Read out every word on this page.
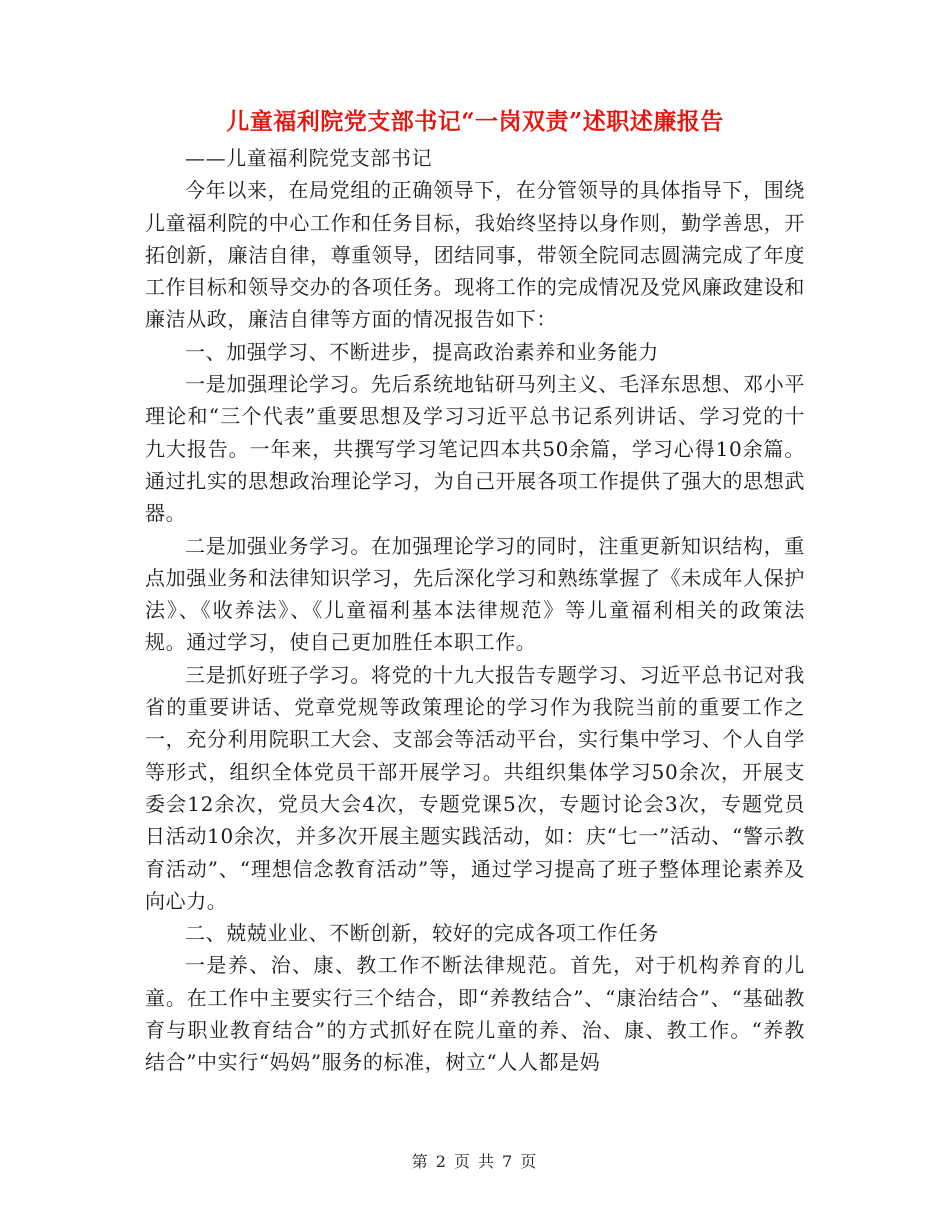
儿童福利院党支部书记“一岗双责”述职述廉报告

——儿童福利院党支部书记

今年以来，在局党组的正确领导下，在分管领导的具体指导下，围绕儿童福利院的中心工作和任务目标，我始终坚持以身作则，勤学善思，开拓创新，廉洁自律，尊重领导，团结同事，带领全院同志圆满完成了年度工作目标和领导交办的各项任务。现将工作的完成情况及党风廉政建设和廉洁从政，廉洁自律等方面的情况报告如下：

一、加强学习、不断进步，提高政治素养和业务能力

一是加强理论学习。先后系统地钻研马列主义、毛泽东思想、邓小平理论和“三个代表”重要思想及学习习近平总书记系列讲话、学习党的十九大报告。一年来，共撰写学习笔记四本共50余篇，学习心得10余篇。通过扎实的思想政治理论学习，为自己开展各项工作提供了强大的思想武器。

二是加强业务学习。在加强理论学习的同时，注重更新知识结构，重点加强业务和法律知识学习，先后深化学习和熟练掌握了《未成年人保护法》、《收养法》、《儿童福利基本法律规范》等儿童福利相关的政策法规。通过学习，使自己更加胜任本职工作。

三是抓好班子学习。将党的十九大报告专题学习、习近平总书记对我省的重要讲话、党章党规等政策理论的学习作为我院当前的重要工作之一，充分利用院职工大会、支部会等活动平台，实行集中学习、个人自学等形式，组织全体党员干部开展学习。共组织集体学习50余次，开展支委会12余次，党员大会4次，专题党课5次，专题讨论会3次，专题党员日活动10余次，并多次开展主题实践活动，如：庆“七一”活动、“警示教育活动”、“理想信念教育活动”等，通过学习提高了班子整体理论素养及向心力。

二、兢兢业业、不断创新，较好的完成各项工作任务

一是养、治、康、教工作不断法律规范。首先，对于机构养育的儿童。在工作中主要实行三个结合，即“养教结合”、“康治结合”、“基础教育与职业教育结合”的方式抓好在院儿童的养、治、康、教工作。“养教结合”中实行“妈妈”服务的标准，树立“人人都是妈

第 2 页 共 7 页
